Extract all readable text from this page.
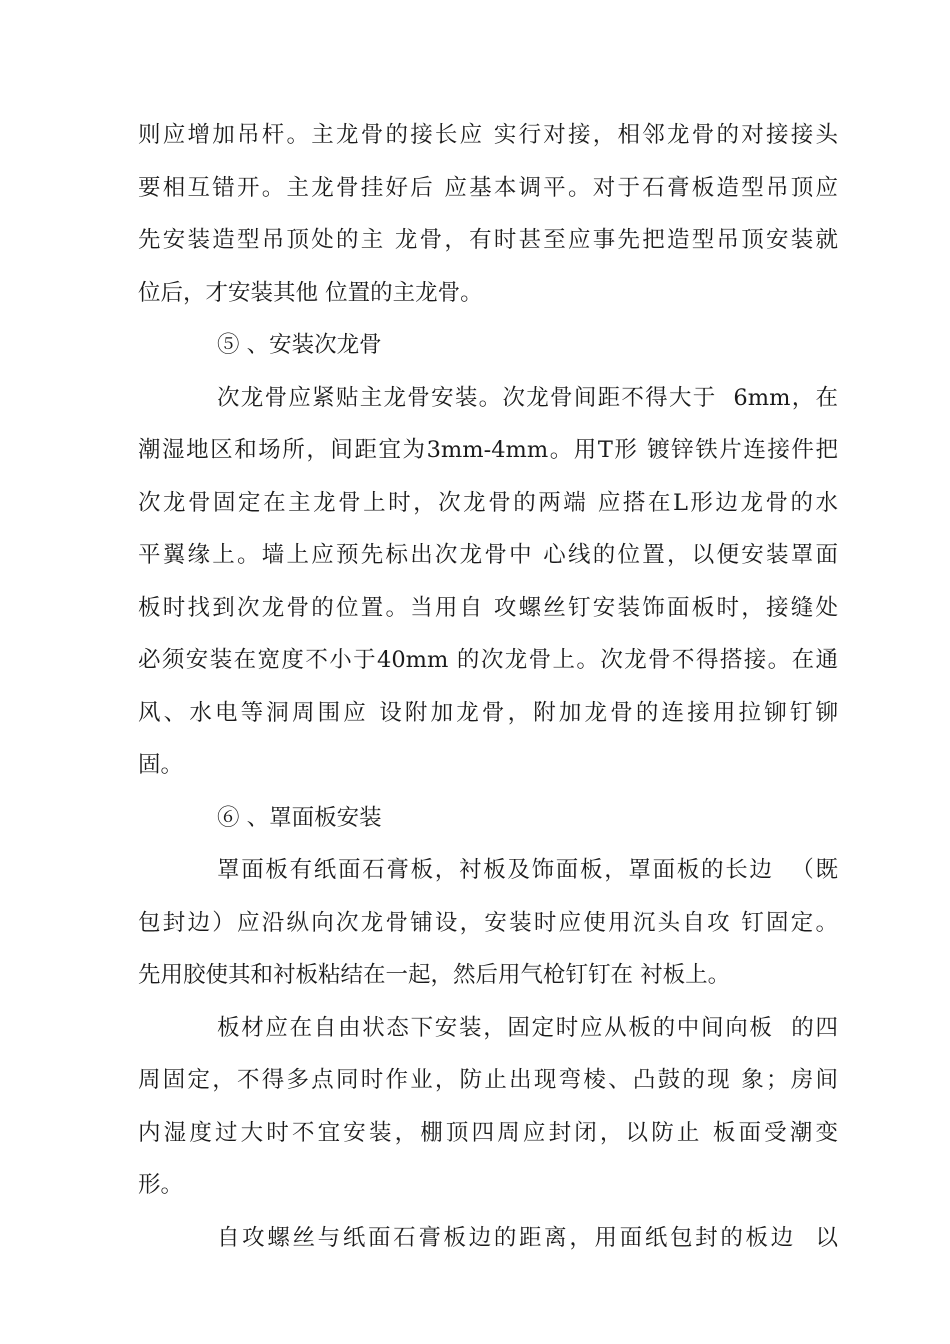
则应增加吊杆。主龙骨的接长应 实行对接，相邻龙骨的对接接头
要相互错开。主龙骨挂好后 应基本调平。对于石膏板造型吊顶应
先安装造型吊顶处的主 龙骨，有时甚至应事先把造型吊顶安装就
位后，才安装其他 位置的主龙骨。
⑤ 、安装次龙骨
次龙骨应紧贴主龙骨安装。次龙骨间距不得大于  6mm，在
潮湿地区和场所，间距宜为3mm-4mm。用T形 镀锌铁片连接件把
次龙骨固定在主龙骨上时，次龙骨的两端 应搭在L形边龙骨的水
平翼缘上。墙上应预先标出次龙骨中 心线的位置，以便安装罩面
板时找到次龙骨的位置。当用自 攻螺丝钉安装饰面板时，接缝处
必须安装在宽度不小于40mm 的次龙骨上。次龙骨不得搭接。在通
风、水电等洞周围应 设附加龙骨，附加龙骨的连接用拉铆钉铆
固。
⑥ 、罩面板安装
罩面板有纸面石膏板，衬板及饰面板，罩面板的长边  （既
包封边）应沿纵向次龙骨铺设，安装时应使用沉头自攻 钉固定。
先用胶使其和衬板粘结在一起，然后用气枪钉钉在 衬板上。
板材应在自由状态下安装，固定时应从板的中间向板  的四
周固定，不得多点同时作业，防止出现弯棱、凸鼓的现 象；房间
内湿度过大时不宜安装，棚顶四周应封闭，以防止 板面受潮变
形。
自攻螺丝与纸面石膏板边的距离，用面纸包封的板边  以
